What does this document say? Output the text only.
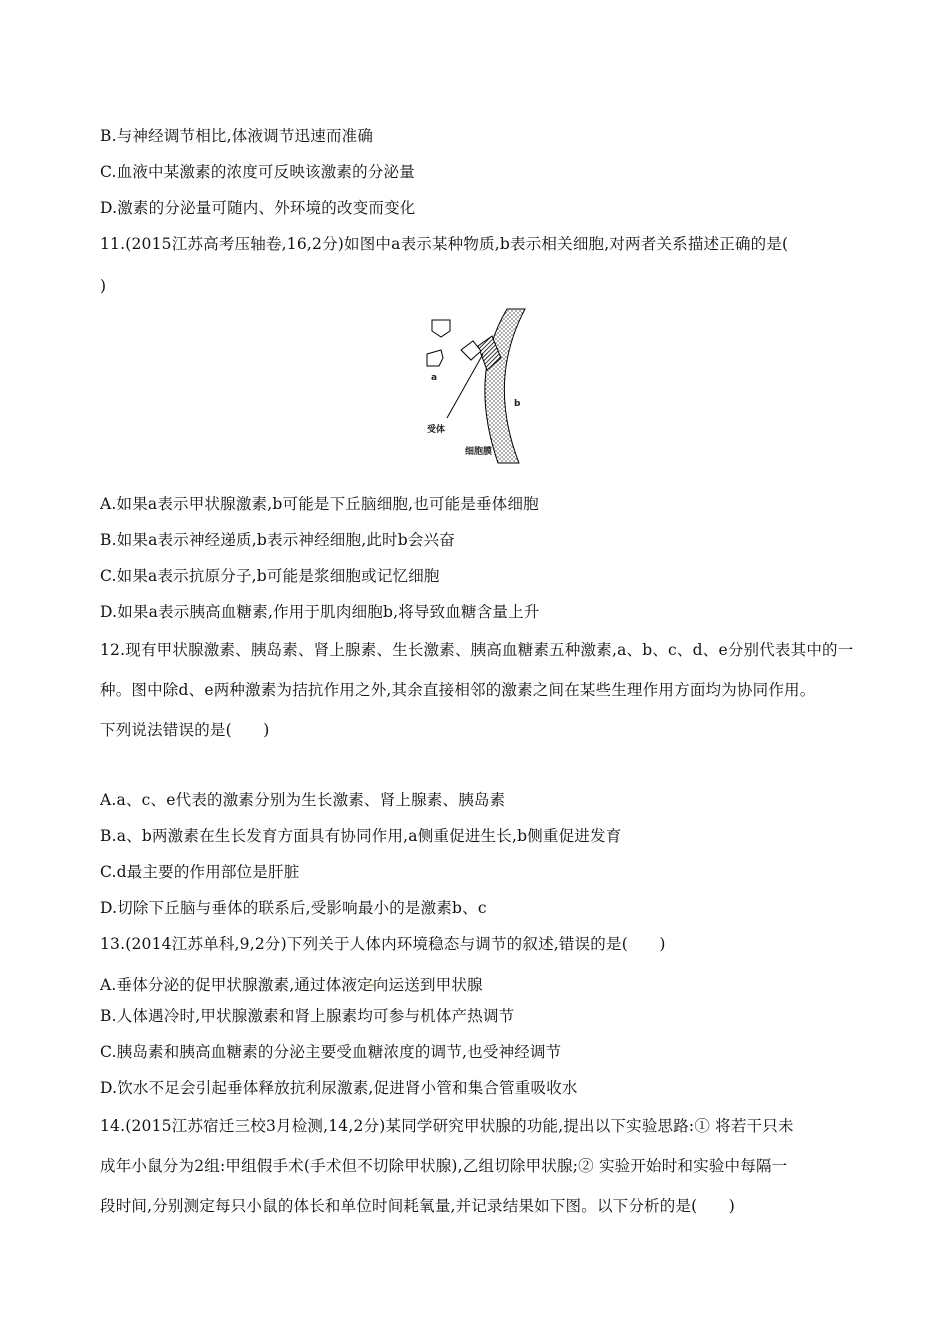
B.与神经调节相比,体液调节迅速而准确

C.血液中某激素的浓度可反映该激素的分泌量

D.激素的分泌量可随内、外环境的改变而变化

11.(2015江苏高考压轴卷,16,2分)如图中a表示某种物质,b表示相关细胞,对两者关系描述正确的是(

)

a
b
受体
细胞膜

A.如果a表示甲状腺激素,b可能是下丘脑细胞,也可能是垂体细胞

B.如果a表示神经递质,b表示神经细胞,此时b会兴奋

C.如果a表示抗原分子,b可能是浆细胞或记忆细胞

D.如果a表示胰高血糖素,作用于肌肉细胞b,将导致血糖含量上升

12.现有甲状腺激素、胰岛素、肾上腺素、生长激素、胰高血糖素五种激素,a、b、c、d、e分别代表其中的一

种。图中除d、e两种激素为拮抗作用之外,其余直接相邻的激素之间在某些生理作用方面均为协同作用。

下列说法错误的是(　　)

A.a、c、e代表的激素分别为生长激素、肾上腺素、胰岛素

B.a、b两激素在生长发育方面具有协同作用,a侧重促进生长,b侧重促进发育

C.d最主要的作用部位是肝脏

D.切除下丘脑与垂体的联系后,受影响最小的是激素b、c

13.(2014江苏单科,9,2分)下列关于人体内环境稳态与调节的叙述,错误的是(　　)

A.垂体分泌的促甲状腺激素,通过体液定向运送到甲状腺

B.人体遇冷时,甲状腺激素和肾上腺素均可参与机体产热调节

C.胰岛素和胰高血糖素的分泌主要受血糖浓度的调节,也受神经调节

D.饮水不足会引起垂体释放抗利尿激素,促进肾小管和集合管重吸收水

14.(2015江苏宿迁三校3月检测,14,2分)某同学研究甲状腺的功能,提出以下实验思路:① 将若干只未

成年小鼠分为2组:甲组假手术(手术但不切除甲状腺),乙组切除甲状腺;② 实验开始时和实验中每隔一

段时间,分别测定每只小鼠的体长和单位时间耗氧量,并记录结果如下图。以下分析的是(　　)
